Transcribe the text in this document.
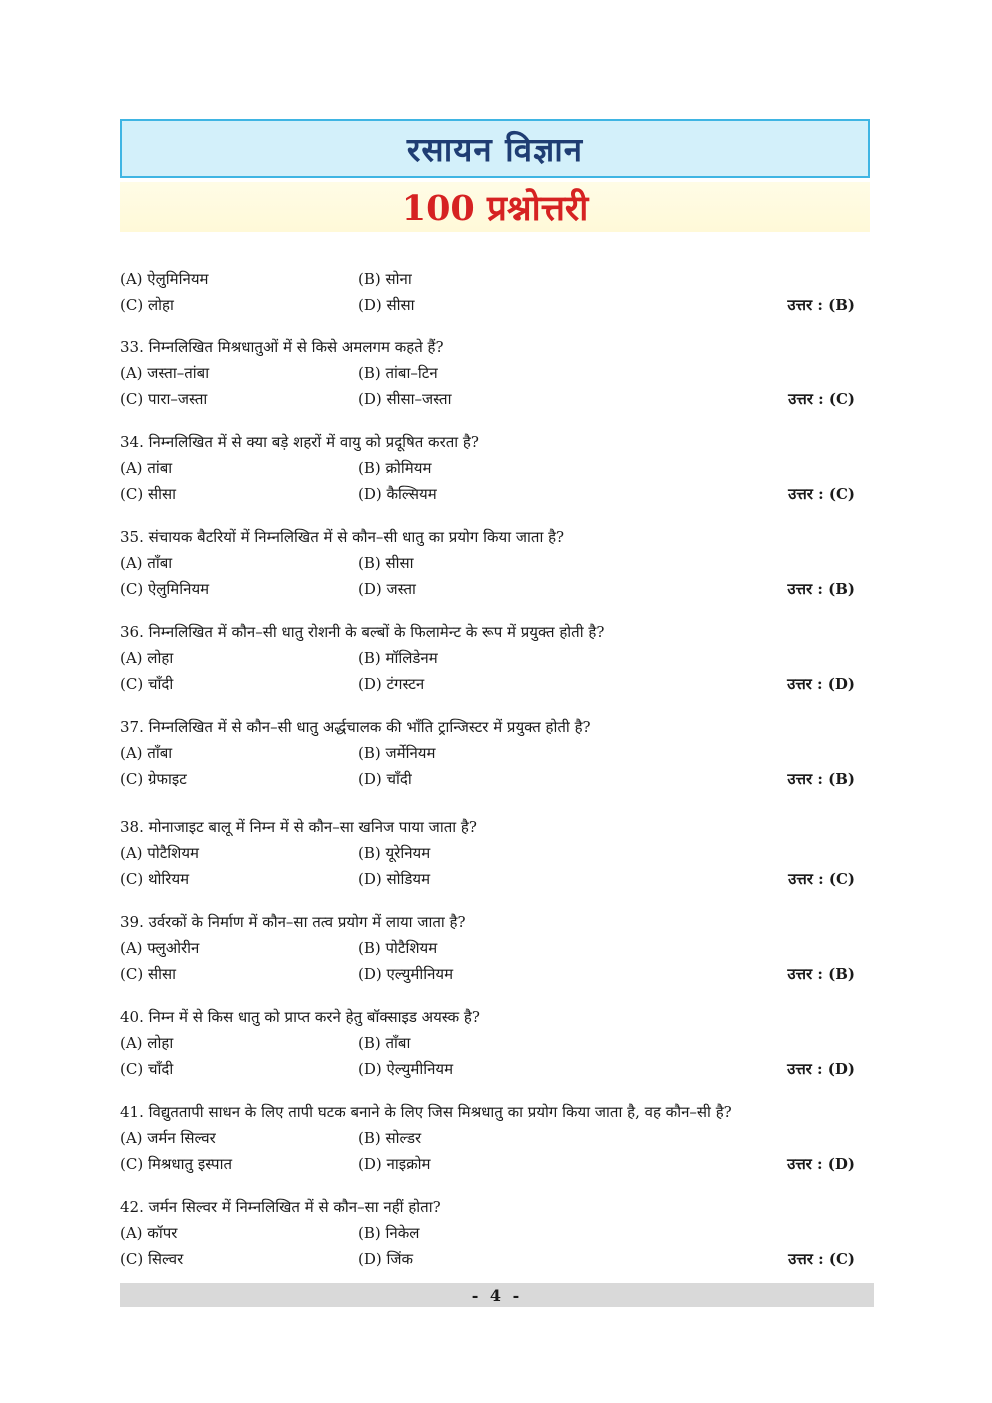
रसायन विज्ञान
100 प्रश्नोत्तरी
(A) ऐलुमिनियम	(B) सोना
(C) लोहा	(D) सीसा	उत्तर : (B)
33. निम्नलिखित मिश्रधातुओं में से किसे अमलगम कहते हैं?
(A) जस्ता–तांबा	(B) तांबा–टिन
(C) पारा–जस्ता	(D) सीसा–जस्ता	उत्तर : (C)
34. निम्नलिखित में से क्या बड़े शहरों में वायु को प्रदूषित करता है?
(A) तांबा	(B) क्रोमियम
(C) सीसा	(D) कैल्सियम	उत्तर : (C)
35. संचायक बैटरियों में निम्नलिखित में से कौन–सी धातु का प्रयोग किया जाता है?
(A) ताँबा	(B) सीसा
(C) ऐलुमिनियम	(D) जस्ता	उत्तर : (B)
36. निम्नलिखित में कौन–सी धातु रोशनी के बल्बों के फिलामेन्ट के रूप में प्रयुक्त होती है?
(A) लोहा	(B) मॉलिडेनम
(C) चाँदी	(D) टंगस्टन	उत्तर : (D)
37. निम्नलिखित में से कौन–सी धातु अर्द्धचालक की भाँति ट्रान्जिस्टर में प्रयुक्त होती है?
(A) ताँबा	(B) जर्मेनियम
(C) ग्रेफाइट	(D) चाँदी	उत्तर : (B)
38. मोनाजाइट बालू में निम्न में से कौन–सा खनिज पाया जाता है?
(A) पोटैशियम	(B) यूरेनियम
(C) थोरियम	(D) सोडियम	उत्तर : (C)
39. उर्वरकों के निर्माण में कौन–सा तत्व प्रयोग में लाया जाता है?
(A) फ्लुओरीन	(B) पोटैशियम
(C) सीसा	(D) एल्युमीनियम	उत्तर : (B)
40. निम्न में से किस धातु को प्राप्त करने हेतु बॉक्साइड अयस्क है?
(A) लोहा	(B) ताँबा
(C) चाँदी	(D) ऐल्युमीनियम	उत्तर : (D)
41. विद्युततापी साधन के लिए तापी घटक बनाने के लिए जिस मिश्रधातु का प्रयोग किया जाता है, वह कौन–सी है?
(A) जर्मन सिल्वर	(B) सोल्डर
(C) मिश्रधातु इस्पात	(D) नाइक्रोम	उत्तर : (D)
42. जर्मन सिल्वर में निम्नलिखित में से कौन–सा नहीं होता?
(A) कॉपर	(B) निकेल
(C) सिल्वर	(D) जिंक	उत्तर : (C)
- 4 -
